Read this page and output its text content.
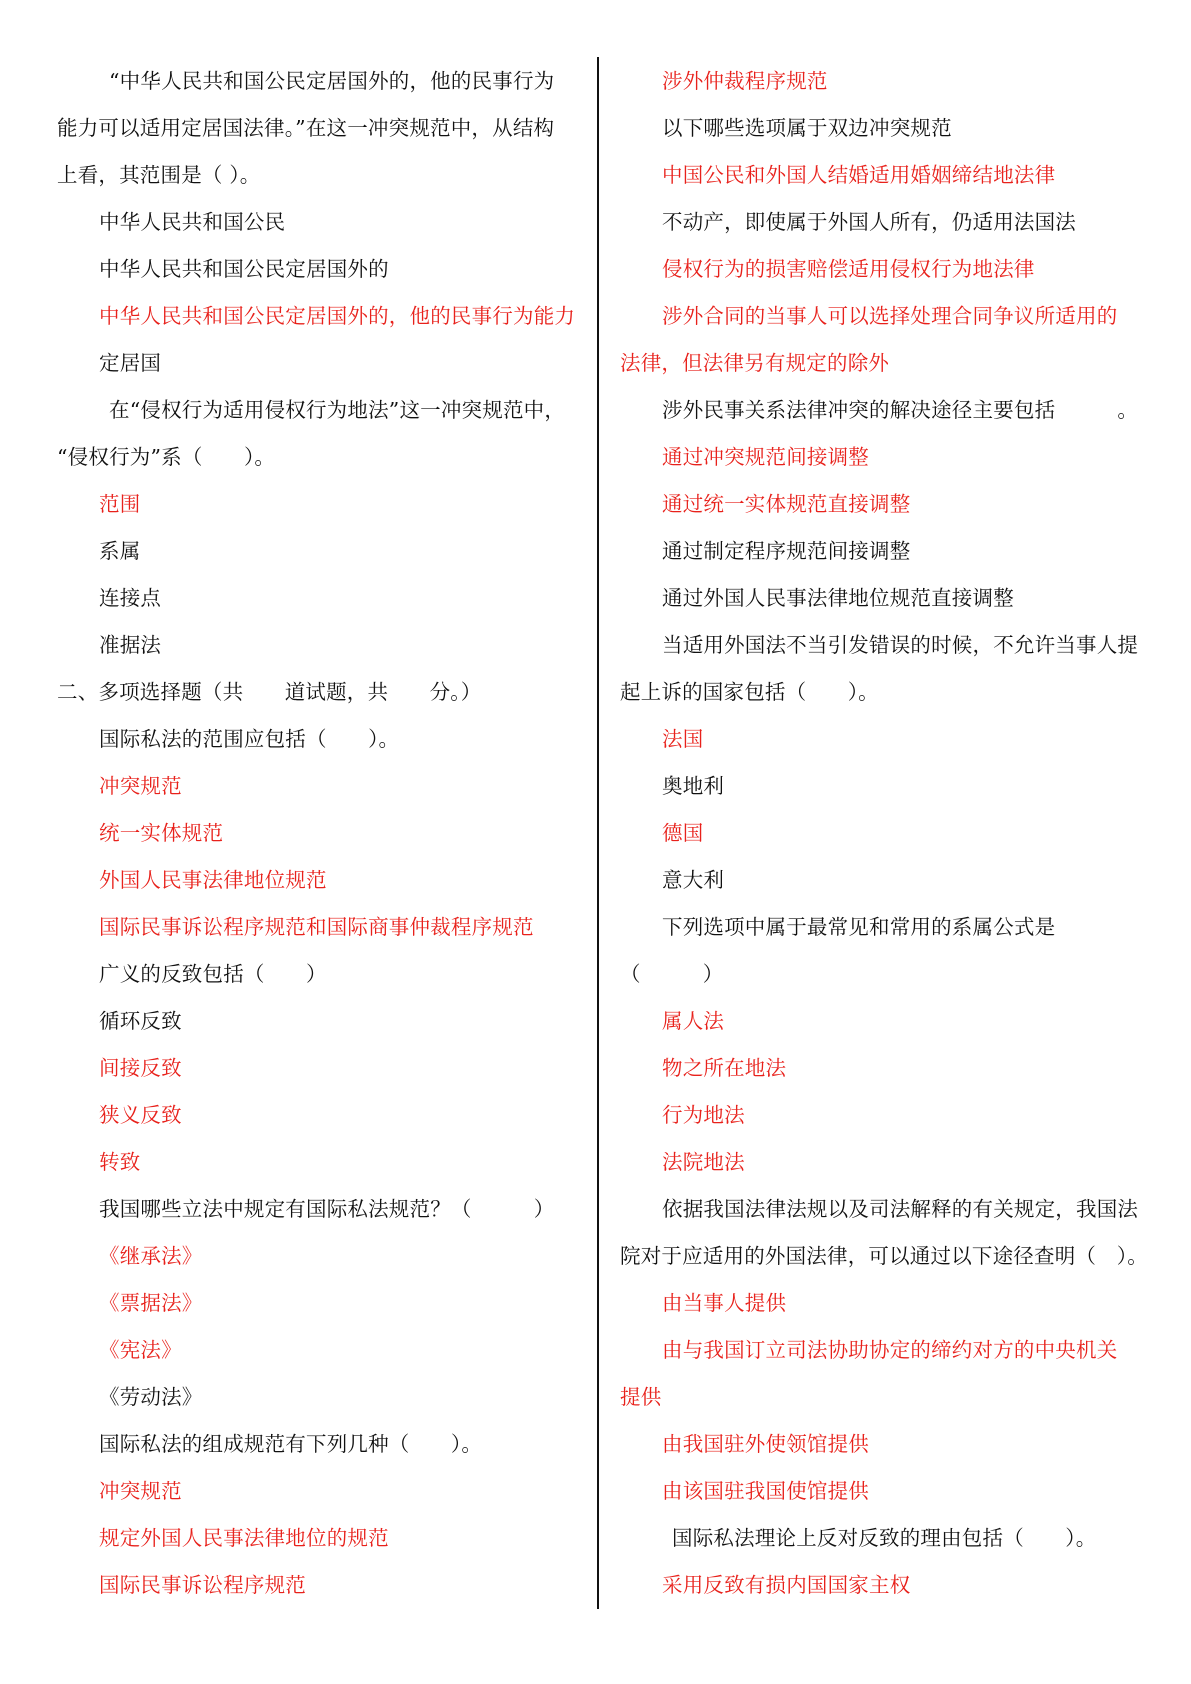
“中华人民共和国公民定居国外的，他的民事行为
能力可以适用定居国法律。”在这一冲突规范中，从结构
上看，其范围是（ ）。
中华人民共和国公民
中华人民共和国公民定居国外的
中华人民共和国公民定居国外的，他的民事行为能力
定居国
在“侵权行为适用侵权行为地法”这一冲突规范中，
“侵权行为”系（　　）。
范围
系属
连接点
准据法
二、多项选择题（共　　道试题，共　　分。）
国际私法的范围应包括（　　）。
冲突规范
统一实体规范
外国人民事法律地位规范
国际民事诉讼程序规范和国际商事仲裁程序规范
广义的反致包括（　　）
循环反致
间接反致
狭义反致
转致
我国哪些立法中规定有国际私法规范？（　　　）
《继承法》
《票据法》
《宪法》
《劳动法》
国际私法的组成规范有下列几种（　　）。
冲突规范
规定外国人民事法律地位的规范
国际民事诉讼程序规范
涉外仲裁程序规范
以下哪些选项属于双边冲突规范
中国公民和外国人结婚适用婚姻缔结地法律
不动产，即使属于外国人所有，仍适用法国法
侵权行为的损害赔偿适用侵权行为地法律
涉外合同的当事人可以选择处理合同争议所适用的
法律，但法律另有规定的除外
涉外民事关系法律冲突的解决途径主要包括　　　。
通过冲突规范间接调整
通过统一实体规范直接调整
通过制定程序规范间接调整
通过外国人民事法律地位规范直接调整
当适用外国法不当引发错误的时候，不允许当事人提
起上诉的国家包括（　　）。
法国
奥地利
德国
意大利
下列选项中属于最常见和常用的系属公式是
（　　　）
属人法
物之所在地法
行为地法
法院地法
依据我国法律法规以及司法解释的有关规定，我国法
院对于应适用的外国法律，可以通过以下途径查明（　）。
由当事人提供
由与我国订立司法协助协定的缔约对方的中央机关
提供
由我国驻外使领馆提供
由该国驻我国使馆提供
国际私法理论上反对反致的理由包括（　　）。
采用反致有损内国国家主权
